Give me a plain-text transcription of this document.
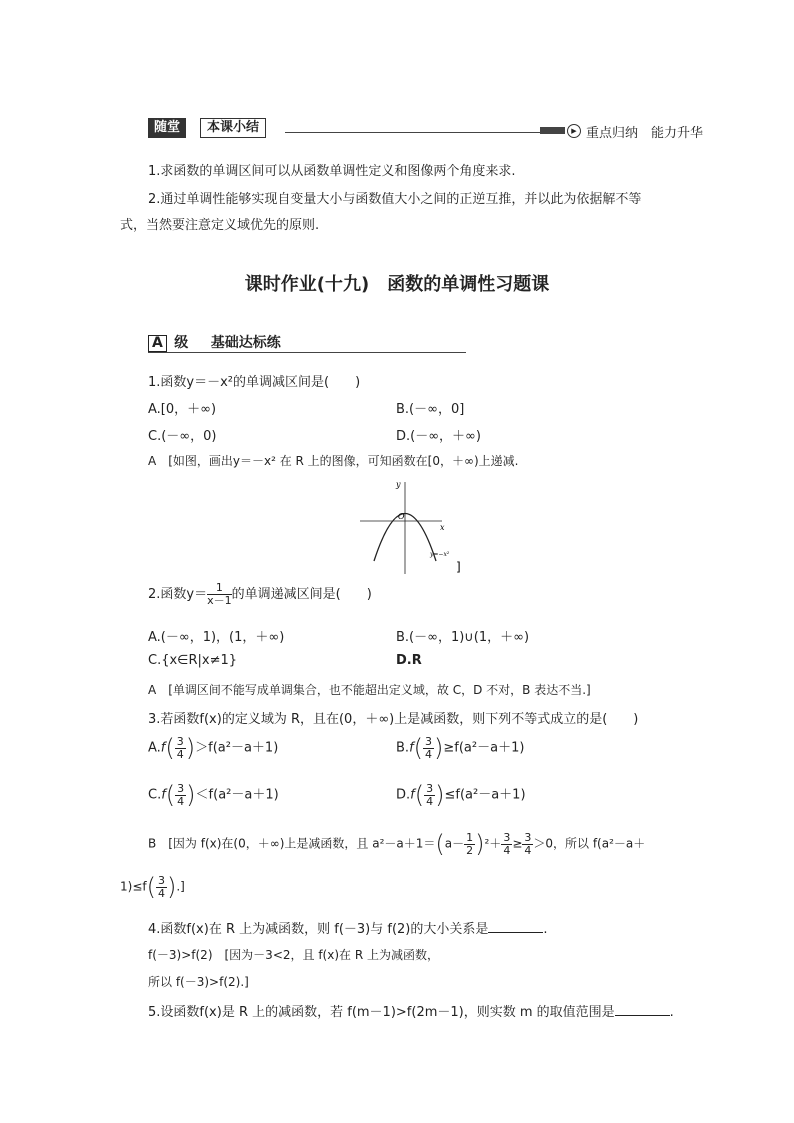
随堂	本课小结	▶ 重点归纳　能力升华
1.求函数的单调区间可以从函数单调性定义和图像两个角度来求.
2.通过单调性能够实现自变量大小与函数值大小之间的正逆互推，并以此为依据解不等
式，当然要注意定义域优先的原则.
课时作业(十九)　函数的单调性习题课
A 级 基础达标练
1.函数y＝－x²的单调减区间是(　　)
A.[0，＋∞)	B.(－∞，0]
C.(－∞，0)	D.(－∞，＋∞)
A　[如图，画出y＝－x² 在 R 上的图像，可知函数在[0，＋∞)上递减.
y
x
O
y=−x²
]
2.函数$y= \frac{1}{x-1}$ 的单调递减区间是(　　)
A.(－∞，1)，(1，＋∞)	B.(－∞，1)∪(1，＋∞)
C.{x∈R|x≠1}	D.R
A　[单调区间不能写成单调集合，也不能超出定义域，故 C，D 不对，B 表达不当.]
3.若函数f(x)的定义域为 R，且在(0，＋∞)上是减函数，则下列不等式成立的是(　　)
$A.f( \frac{3}{4} )>f(a^2-a+1)$	$B.f( \frac{3}{4} )\ge f(a^2-a+1)$
$C.f( \frac{3}{4} )<f(a^2-a+1)$	$D.f( \frac{3}{4} )\le f(a^2-a+1)$
B　[因为 f(x)在(0，＋∞)上是减函数，且 $a^2-a+1=(a- \frac{1}{2} )^2+ \frac{3}{4} \ge \frac{3}{4} >0$，所以 f(a²－a＋
$1)\le f( \frac{3}{4}$ ).]
4.函数f(x)在 R 上为减函数，则 f(－3)与 f(2)的大小关系是	.
f(－3)>f(2)　[因为－3<2，且 f(x)在 R 上为减函数，
所以 f(－3)>f(2).]
5.设函数f(x)是 R 上的减函数，若 f(m－1)>f(2m－1)，则实数 m 的取值范围是	.
